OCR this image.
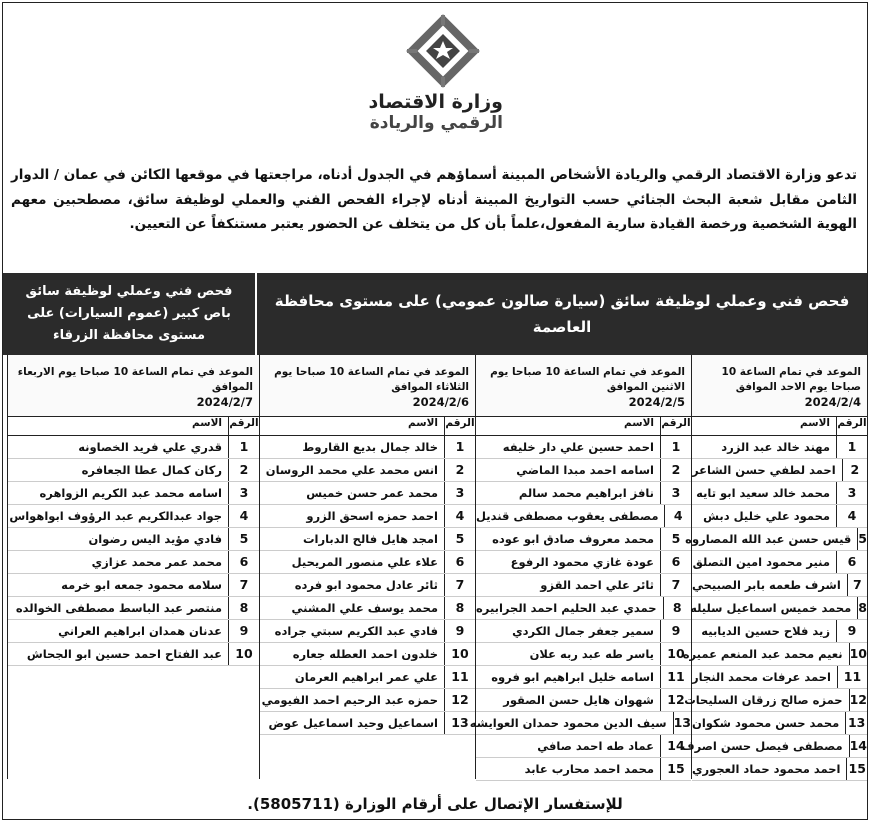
وزارة الاقتصاد
الرقمي والريادة
تدعو وزارة الاقتصاد الرقمي والريادة الأشخاص المبينة أسماؤهم في الجدول أدناه، مراجعتها في موقعها الكائن في عمان / الدوار الثامن مقابل شعبة البحث الجنائي حسب التواريخ المبينة أدناه لإجراء الفحص الفني والعملي لوظيفة سائق، مصطحبين معهم الهوية الشخصية ورخصة القيادة سارية المفعول،علماً بأن كل من يتخلف عن الحضور يعتبر مستنكفاً عن التعيين.
فحص فني وعملي لوظيفة سائق (سيارة صالون عمومي) على مستوى محافظة العاصمة
فحص فني وعملي لوظيفة سائق باص كبير (عموم السيارات) على مستوى محافظة الزرقاء
الموعد في تمام الساعة 10 صباحا يوم الاحد الموافق
2024/2/4
الرقم
الاسم
1
مهند خالد عبد الزرد
2
احمد لطفي حسن الشاعر
3
محمد خالد سعيد ابو تايه
4
محمود علي خليل دبش
5
قيس حسن عبد الله المصاروه
6
منير محمود امين التصلق
7
اشرف طعمه بابر الصبيحي
8
محمد خميس اسماعيل سليله
9
زيد فلاح حسين الديابيه
10
نعيم محمد عبد المنعم عميره
11
احمد عرفات محمد النجار
12
حمزه صالح زرقان السليحات
13
محمد حسن محمود شكوان
14
مصطفى فيصل حسن اصرف
15
احمد محمود حماد العجوري
الموعد في تمام الساعة 10 صباحا يوم الاثنين الموافق
2024/2/5
الرقم
الاسم
1
احمد حسين علي دار خليفه
2
اسامه احمد مبدا الماضي
3
نافز ابراهيم محمد سالم
4
مصطفى يعقوب مصطفى قنديل
5
محمد معروف صادق ابو عوده
6
عودة غازي محمود الرفوع
7
ثائر علي احمد القزو
8
حمدي عبد الحليم احمد الجرابيره
9
سمير جعفر جمال الكردي
10
ياسر طه عبد ربه علان
11
اسامه خليل ابراهيم ابو فروه
12
شهوان هايل حسن الصقور
13
سيف الدين محمود حمدان العوايشه
14
عماد طه احمد صافي
15
محمد احمد محارب عابد
الموعد في تمام الساعة 10 صباحا يوم الثلاثاء الموافق
2024/2/6
الرقم
الاسم
1
خالد جمال بديع القاروط
2
انس محمد علي محمد الروسان
3
محمد عمر حسن خميس
4
احمد حمزه اسحق الزرو
5
امجد هايل فالح الدبارات
6
علاء علي منصور المريحيل
7
ثائر عادل محمود ابو فرده
8
محمد يوسف علي المشني
9
فادي عبد الكريم سبتي جراده
10
خلدون احمد العطله جعاره
11
علي عمر ابراهيم العرمان
12
حمزه عبد الرحيم احمد الفيومي
13
اسماعيل وحيد اسماعيل عوض
الموعد في تمام الساعة 10 صباحا يوم الاربعاء الموافق
2024/2/7
الرقم
الاسم
1
قدري علي فريد الخصاونه
2
ركان كمال عطا الجعافره
3
اسامه محمد عبد الكريم الزواهره
4
جواد عبدالكريم عبد الرؤوف ابواهواس
5
فادي مؤيد اليس رضوان
6
محمد عمر محمد عزازي
7
سلامه محمود جمعه ابو خرمه
8
منتصر عبد الباسط مصطفى الخوالده
9
عدنان همدان ابراهيم العراني
10
عبد الفتاح احمد حسين ابو الجحاش
للإستفسار الإتصال على أرقام الوزارة (5805711).
